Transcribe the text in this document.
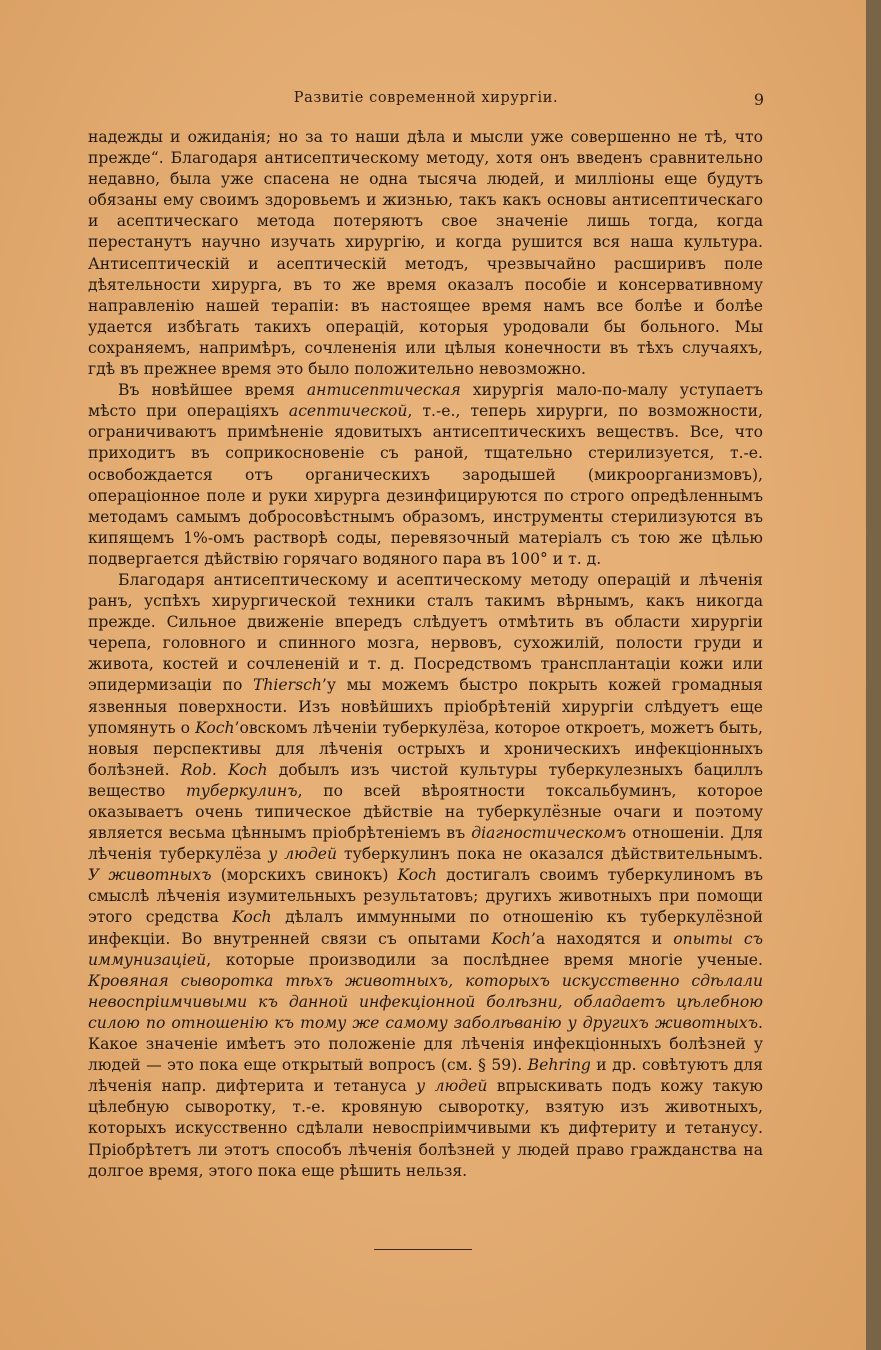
Развитіе современной хирургіи.	9

надежды и ожиданія; но за то наши дѣла и мысли уже совершенно не тѣ, что прежде“. Благодаря антисептическому методу, хотя онъ введенъ сравнительно недавно, была уже спасена не одна тысяча людей, и милліоны еще будутъ обязаны ему своимъ здоровьемъ и жизнью, такъ какъ основы антисептическаго и асептическаго метода потеряютъ свое значеніе лишь тогда, когда перестанутъ научно изучать хирургію, и когда рушится вся наша культура. Антисептическій и асептическій методъ, чрезвычайно расширивъ поле дѣятельности хирурга, въ то же время оказалъ пособіе и консервативному направленію нашей терапіи: въ настоящее время намъ все болѣе и болѣе удается избѣгать такихъ операцій, которыя уродовали бы больного. Мы сохраняемъ, напримѣръ, сочлененія или цѣлыя конечности въ тѣхъ случаяхъ, гдѣ въ прежнее время это было положительно невозможно.

Въ новѣйшее время антисептическая хирургія мало-по-малу уступаетъ мѣсто при операціяхъ асептической, т.-е., теперь хирурги, по возможности, ограничиваютъ примѣненіе ядовитыхъ антисептическихъ веществъ. Все, что приходитъ въ соприкосновеніе съ раной, тщательно стерилизуется, т.-е. освобождается отъ органическихъ зародышей (микроорганизмовъ), операціонное поле и руки хирурга дезинфицируются по строго опредѣленнымъ методамъ самымъ добросовѣстнымъ образомъ, инструменты стерилизуются въ кипящемъ 1%-омъ растворѣ соды, перевязочный матеріалъ съ тою же цѣлью подвергается дѣйствію горячаго водяного пара въ 100° и т. д.

Благодаря антисептическому и асептическому методу операцій и лѣченія ранъ, успѣхъ хирургической техники сталъ такимъ вѣрнымъ, какъ никогда прежде. Сильное движеніе впередъ слѣдуетъ отмѣтить въ области хирургіи черепа, головного и спинного мозга, нервовъ, сухожилій, полости груди и живота, костей и сочлененій и т. д. Посредствомъ трансплантаціи кожи или эпидермизаціи по Thiersch’у мы можемъ быстро покрыть кожей громадныя язвенныя поверхности. Изъ новѣйшихъ пріобрѣтеній хирургіи слѣдуетъ еще упомянуть о Koch’овскомъ лѣченіи туберкулёза, которое откроетъ, можетъ быть, новыя перспективы для лѣченія острыхъ и хроническихъ инфекціонныхъ болѣзней. Rob. Koch добылъ изъ чистой культуры туберкулезныхъ бациллъ вещество туберкулинъ, по всей вѣроятности токсальбуминъ, которое оказываетъ очень типическое дѣйствіе на туберкулёзные очаги и поэтому является весьма цѣннымъ пріобрѣтеніемъ въ діагностическомъ отношеніи. Для лѣченія туберкулёза у людей туберкулинъ пока не оказался дѣйствительнымъ. У животныхъ (морскихъ свинокъ) Koch достигалъ своимъ туберкулиномъ въ смыслѣ лѣченія изумительныхъ результатовъ; другихъ животныхъ при помощи этого средства Koch дѣлалъ иммунными по отношенію къ туберкулёзной инфекціи. Во внутренней связи съ опытами Koch’а находятся и опыты съ иммунизаціей, которые производили за послѣднее время многіе ученые. Кровяная сыворотка тѣхъ животныхъ, которыхъ искусственно сдѣлали невоспріимчивыми къ данной инфекціонной болѣзни, обладаетъ цѣлебною силою по отношенію къ тому же самому заболѣванію у другихъ животныхъ. Какое значеніе имѣетъ это положеніе для лѣченія инфекціонныхъ болѣзней у людей — это пока еще открытый вопросъ (см. § 59). Behring и др. совѣтуютъ для лѣченія напр. дифтерита и тетануса у людей впрыскивать подъ кожу такую цѣлебную сыворотку, т.-е. кровяную сыворотку, взятую изъ животныхъ, которыхъ искусственно сдѣлали невоспріимчивыми къ дифтериту и тетанусу. Пріобрѣтетъ ли этотъ способъ лѣченія болѣзней у людей право гражданства на долгое время, этого пока еще рѣшить нельзя.
